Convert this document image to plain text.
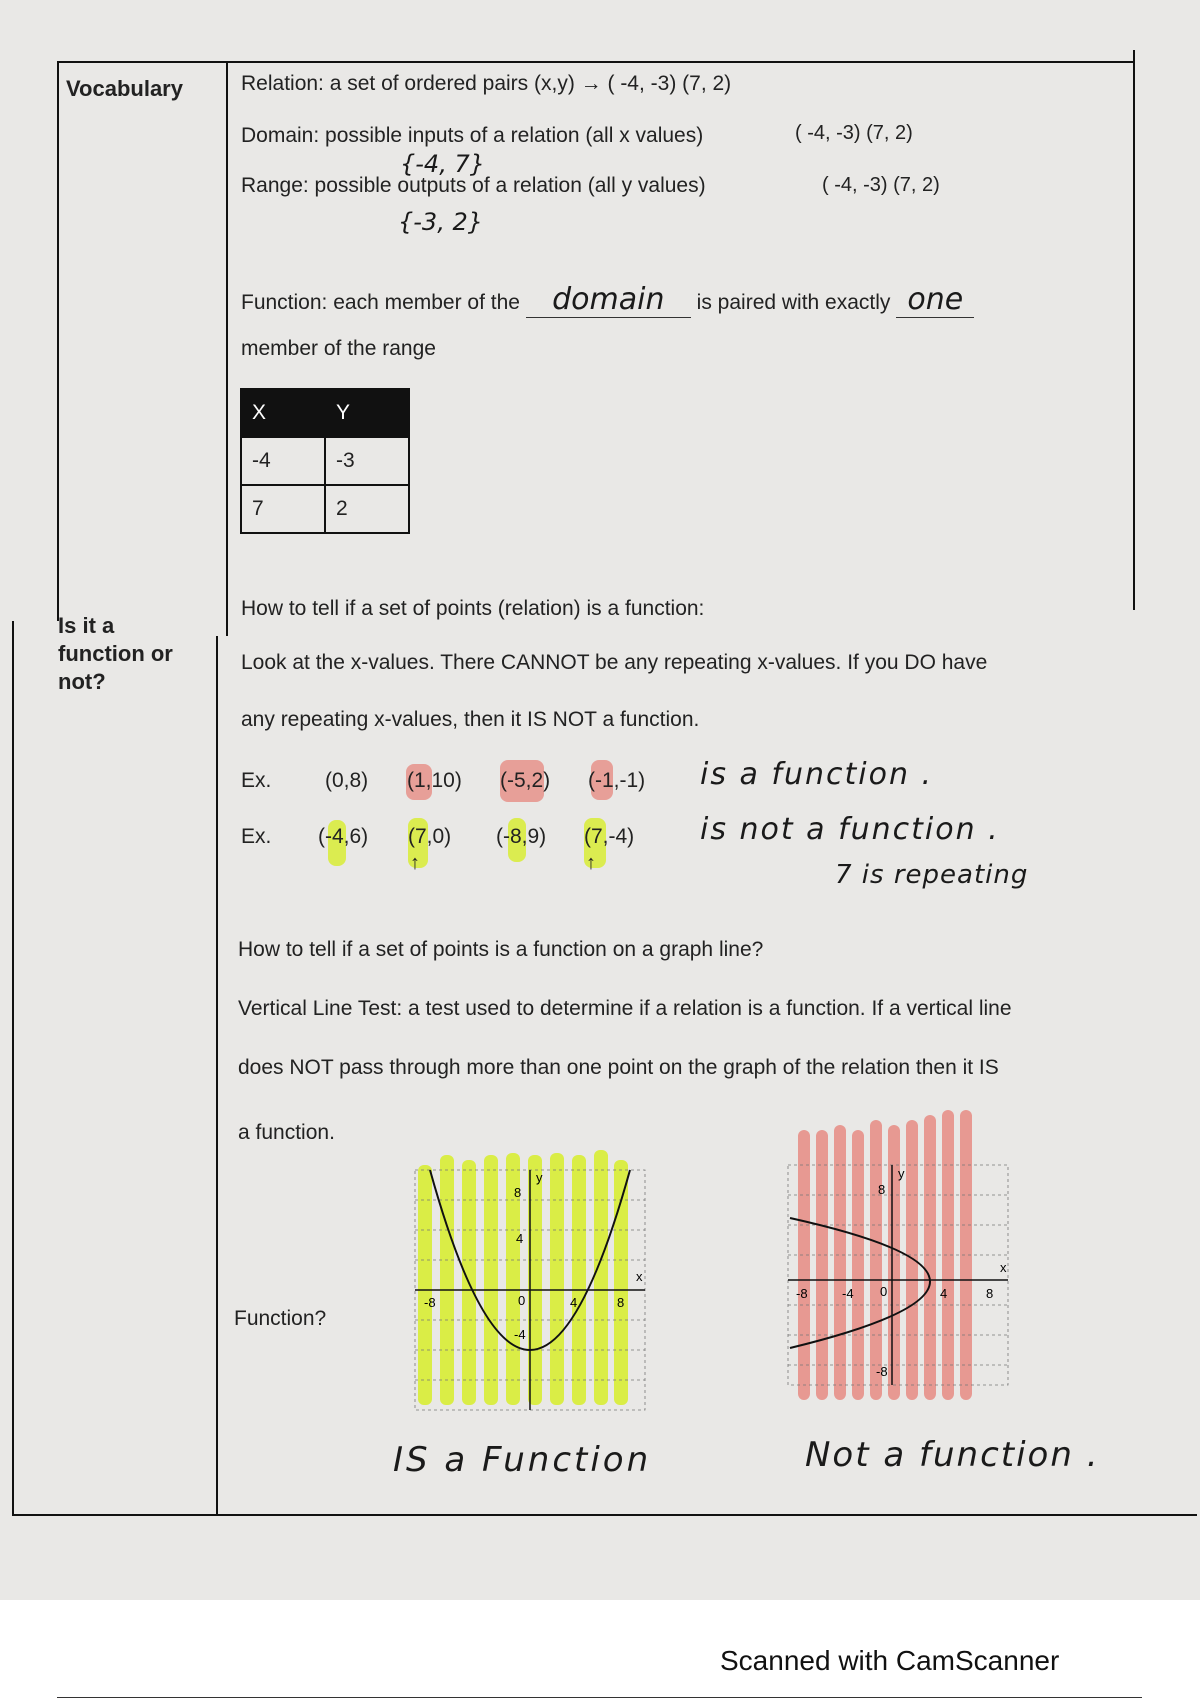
Vocabulary
Is it a
function or
not?
Relation: a set of ordered pairs (x,y) → ( -4, -3) (7, 2)
Domain: possible inputs of a relation (all x values)	( -4, -3) (7, 2)
{-4, 7}
Range: possible outputs of a relation (all y values)	( -4, -3) (7, 2)
{-3, 2}
Function: each member of the domain is paired with exactly one
member of the range
X	Y
-4	-3
7	2
How to tell if a set of points (relation) is a function:
Look at the x-values. There CANNOT be any repeating x-values. If you DO have
any repeating x-values, then it IS NOT a function.
Ex.	(0,8) (1,10) (-5,2) (-1,-1) is a function .
Ex. (-4,6) (7,0) (-8,9) (7,-4)
↑	↑
is not a function .
7 is repeating
How to tell if a set of points is a function on a graph line?
Vertical Line Test: a test used to determine if a relation is a function. If a vertical line
does NOT pass through more than one point on the graph of the relation then it IS
a function.
Function?
-8	0	4	8
8
4
-4
y
x
IS a Function
-8	-4 0	4	8
8
-8
y
x
Not a function .
Scanned with CamScanner
